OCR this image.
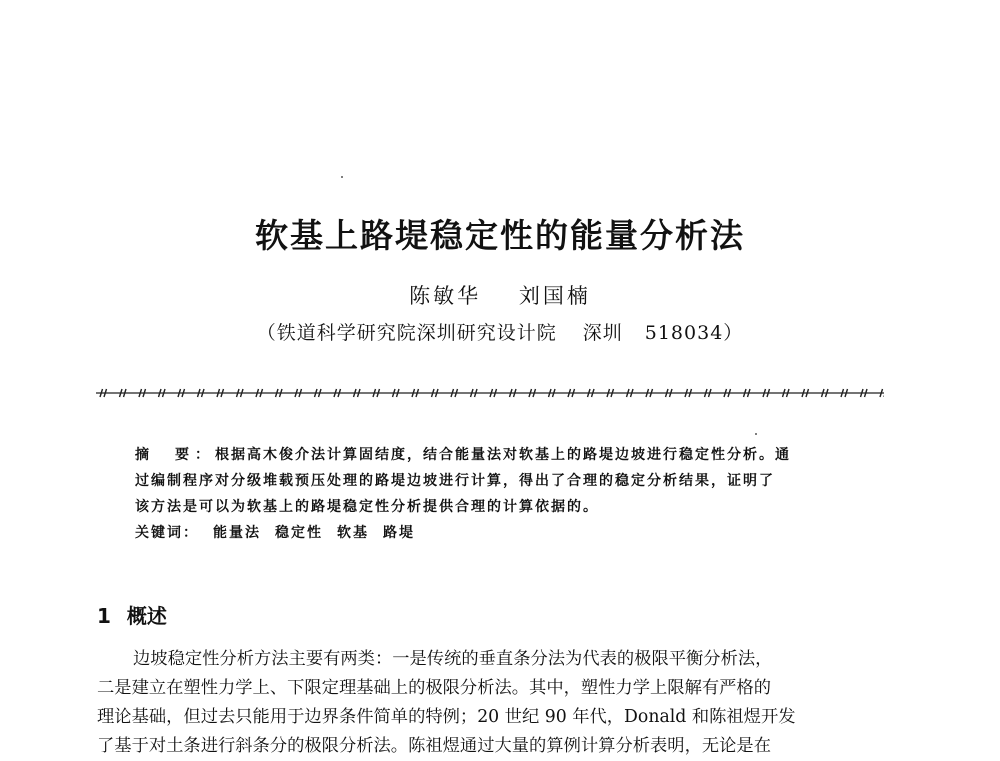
软基上路堤稳定性的能量分析法
陈敏华 刘国楠
（铁道科学研究院深圳研究设计院 深圳 518034）
摘　要：根据高木俊介法计算固结度，结合能量法对软基上的路堤边坡进行稳定性分析。通
过编制程序对分级堆载预压处理的路堤边坡进行计算，得出了合理的稳定分析结果，证明了
该方法是可以为软基上的路堤稳定性分析提供合理的计算依据的。
关键词： 能量法 稳定性 软基 路堤
1 概述
边坡稳定性分析方法主要有两类：一是传统的垂直条分法为代表的极限平衡分析法，
二是建立在塑性力学上、下限定理基础上的极限分析法。其中，塑性力学上限解有严格的
理论基础，但过去只能用于边界条件简单的特例；20 世纪 90 年代，Donald 和陈祖煜开发
了基于对土条进行斜条分的极限分析法。陈祖煜通过大量的算例计算分析表明，无论是在
